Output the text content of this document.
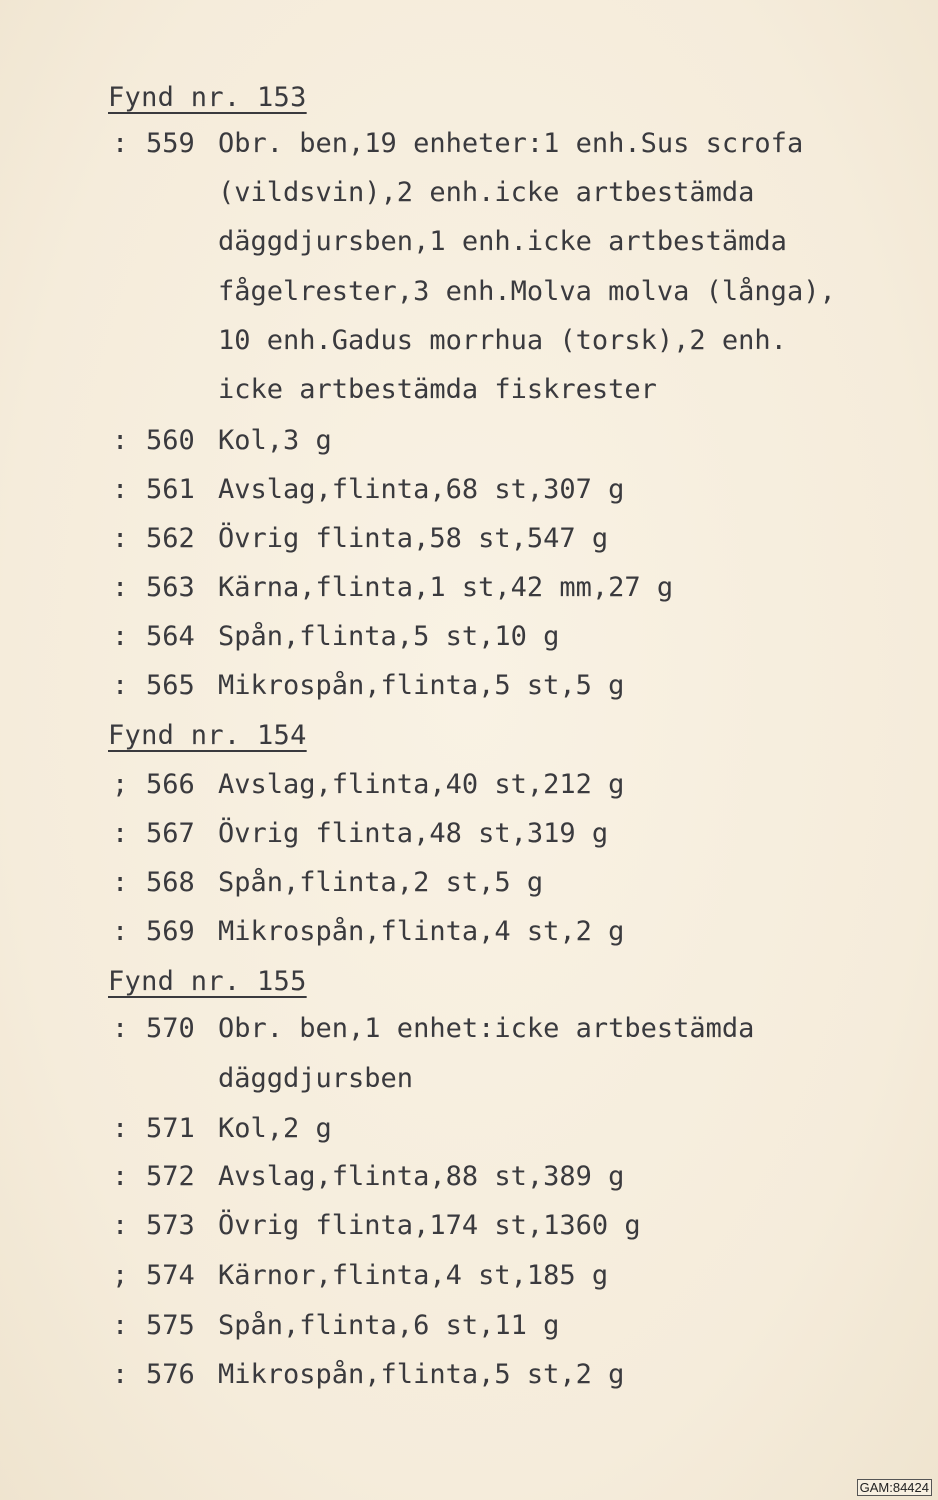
Fynd nr. 153
: 559 Obr. ben,19 enheter:1 enh.Sus scrofa
(vildsvin),2 enh.icke artbestämda
däggdjursben,1 enh.icke artbestämda
fågelrester,3 enh.Molva molva (långa),
10 enh.Gadus morrhua (torsk),2 enh.
icke artbestämda fiskrester
: 560 Kol,3 g
: 561 Avslag,flinta,68 st,307 g
: 562 Övrig flinta,58 st,547 g
: 563 Kärna,flinta,1 st,42 mm,27 g
: 564 Spån,flinta,5 st,10 g
: 565 Mikrospån,flinta,5 st,5 g
Fynd nr. 154
; 566 Avslag,flinta,40 st,212 g
: 567 Övrig flinta,48 st,319 g
: 568 Spån,flinta,2 st,5 g
: 569 Mikrospån,flinta,4 st,2 g
Fynd nr. 155
: 570 Obr. ben,1 enhet:icke artbestämda
däggdjursben
: 571 Kol,2 g
: 572 Avslag,flinta,88 st,389 g
: 573 Övrig flinta,174 st,1360 g
; 574 Kärnor,flinta,4 st,185 g
: 575 Spån,flinta,6 st,11 g
: 576 Mikrospån,flinta,5 st,2 g
GAM:84424
